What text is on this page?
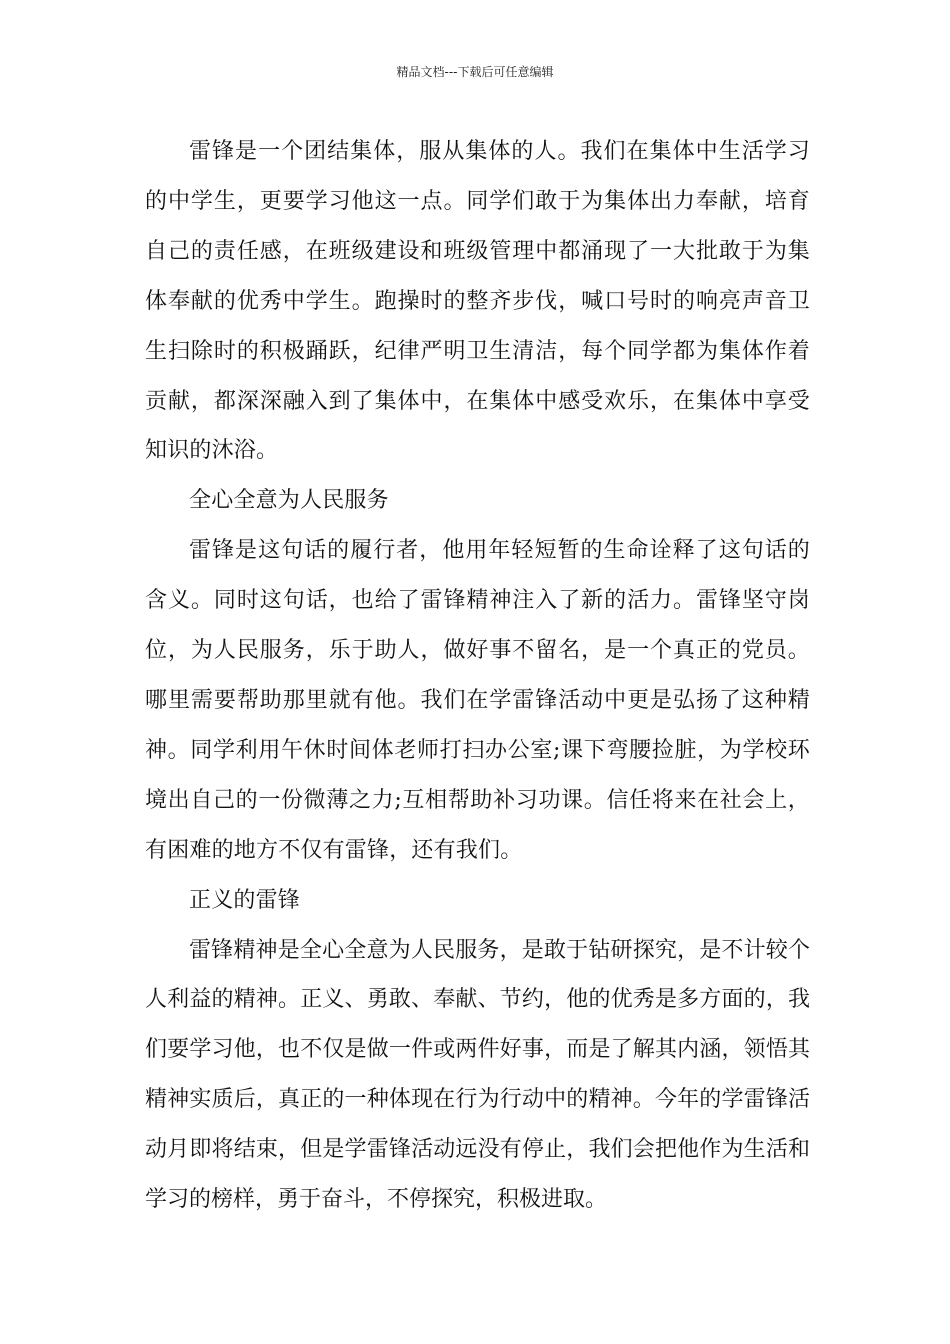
精品文档---下载后可任意编辑

雷锋是一个团结集体，服从集体的人。我们在集体中生活学习的中学生，更要学习他这一点。同学们敢于为集体出力奉献，培育自己的责任感，在班级建设和班级管理中都涌现了一大批敢于为集体奉献的优秀中学生。跑操时的整齐步伐，喊口号时的响亮声音卫生扫除时的积极踊跃，纪律严明卫生清洁，每个同学都为集体作着贡献，都深深融入到了集体中，在集体中感受欢乐，在集体中享受知识的沐浴。

全心全意为人民服务

雷锋是这句话的履行者，他用年轻短暂的生命诠释了这句话的含义。同时这句话，也给了雷锋精神注入了新的活力。雷锋坚守岗位，为人民服务，乐于助人，做好事不留名，是一个真正的党员。哪里需要帮助那里就有他。我们在学雷锋活动中更是弘扬了这种精神。同学利用午休时间体老师打扫办公室;课下弯腰捡脏，为学校环境出自己的一份微薄之力;互相帮助补习功课。信任将来在社会上，有困难的地方不仅有雷锋，还有我们。

正义的雷锋

雷锋精神是全心全意为人民服务，是敢于钻研探究，是不计较个人利益的精神。正义、勇敢、奉献、节约，他的优秀是多方面的，我们要学习他，也不仅是做一件或两件好事，而是了解其内涵，领悟其精神实质后，真正的一种体现在行为行动中的精神。今年的学雷锋活动月即将结束，但是学雷锋活动远没有停止，我们会把他作为生活和学习的榜样，勇于奋斗，不停探究，积极进取。
